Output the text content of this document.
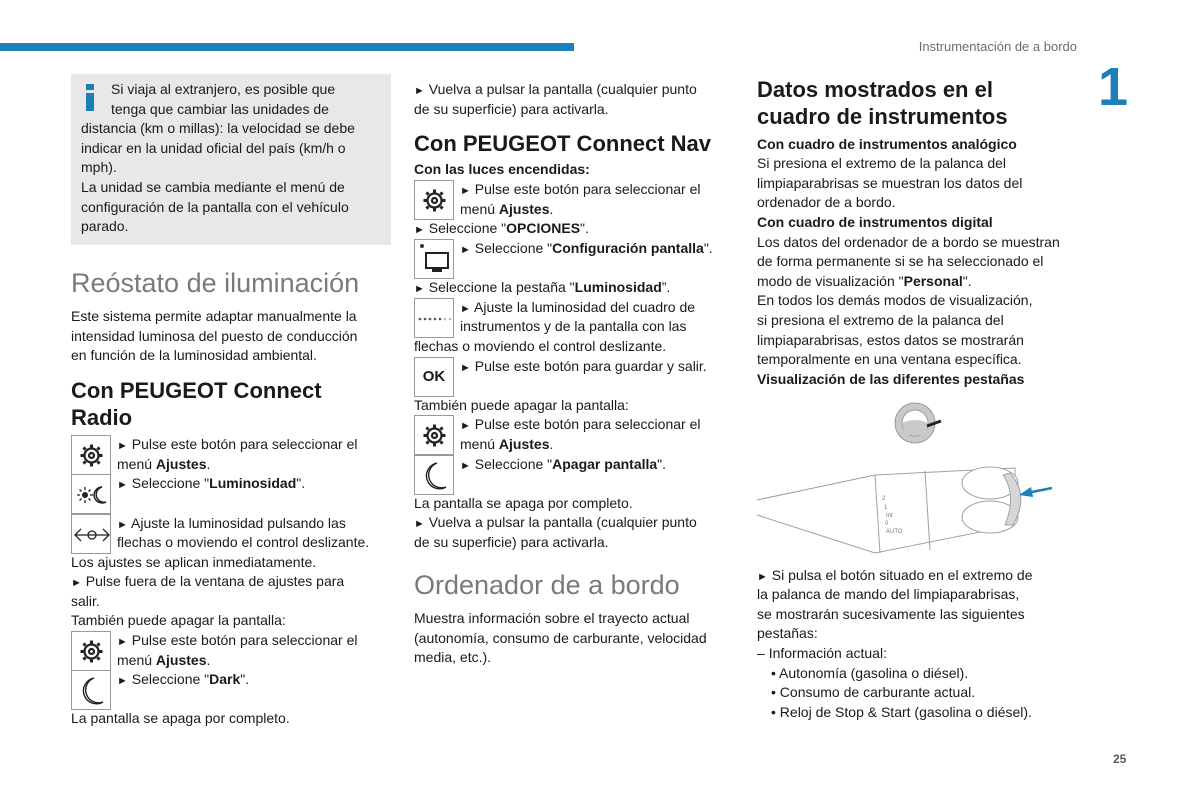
Instrumentación de a bordo
1
25
Si viaja al extranjero, es posible que
tenga que cambiar las unidades de
distancia (km o millas): la velocidad se debe
indicar en la unidad oficial del país (km/h o
mph).
La unidad se cambia mediante el menú de
configuración de la pantalla con el vehículo
parado.
Reóstato de iluminación
Este sistema permite adaptar manualmente la
intensidad luminosa del puesto de conducción
en función de la luminosidad ambiental.
Con PEUGEOT Connect
Radio
► Pulse este botón para seleccionar el
menú Ajustes.
► Seleccione "Luminosidad".
► Ajuste la luminosidad pulsando las
flechas o moviendo el control deslizante.
Los ajustes se aplican inmediatamente.
► Pulse fuera de la ventana de ajustes para
salir.
También puede apagar la pantalla:
► Pulse este botón para seleccionar el
menú Ajustes.
► Seleccione "Dark".
La pantalla se apaga por completo.
► Vuelva a pulsar la pantalla (cualquier punto
de su superficie) para activarla.
Con PEUGEOT Connect Nav
Con las luces encendidas:
► Pulse este botón para seleccionar el
menú Ajustes.
► Seleccione "OPCIONES".
► Seleccione "Configuración pantalla".
► Seleccione la pestaña "Luminosidad”.
► Ajuste la luminosidad del cuadro de
instrumentos y de la pantalla con las
flechas o moviendo el control deslizante.
OK	► Pulse este botón para guardar y salir.
También puede apagar la pantalla:
► Pulse este botón para seleccionar el
menú Ajustes.
► Seleccione "Apagar pantalla".
La pantalla se apaga por completo.
► Vuelva a pulsar la pantalla (cualquier punto
de su superficie) para activarla.
Ordenador de a bordo
Muestra información sobre el trayecto actual
(autonomía, consumo de carburante, velocidad
media, etc.).
Datos mostrados en el
cuadro de instrumentos
Con cuadro de instrumentos analógico
Si presiona el extremo de la palanca del
limpiaparabrisas se muestran los datos del
ordenador de a bordo.
Con cuadro de instrumentos digital
Los datos del ordenador de a bordo se muestran
de forma permanente si se ha seleccionado el
modo de visualización "Personal".
En todos los demás modos de visualización,
si presiona el extremo de la palanca del
limpiaparabrisas, estos datos se mostrarán
temporalmente en una ventana específica.
Visualización de las diferentes pestañas
2
1
Int
0
AUTO
► Si pulsa el botón situado en el extremo de
la palanca de mando del limpiaparabrisas,
se mostrarán sucesivamente las siguientes
pestañas:
– Información actual:
• Autonomía (gasolina o diésel).
• Consumo de carburante actual.
• Reloj de Stop & Start (gasolina o diésel).
